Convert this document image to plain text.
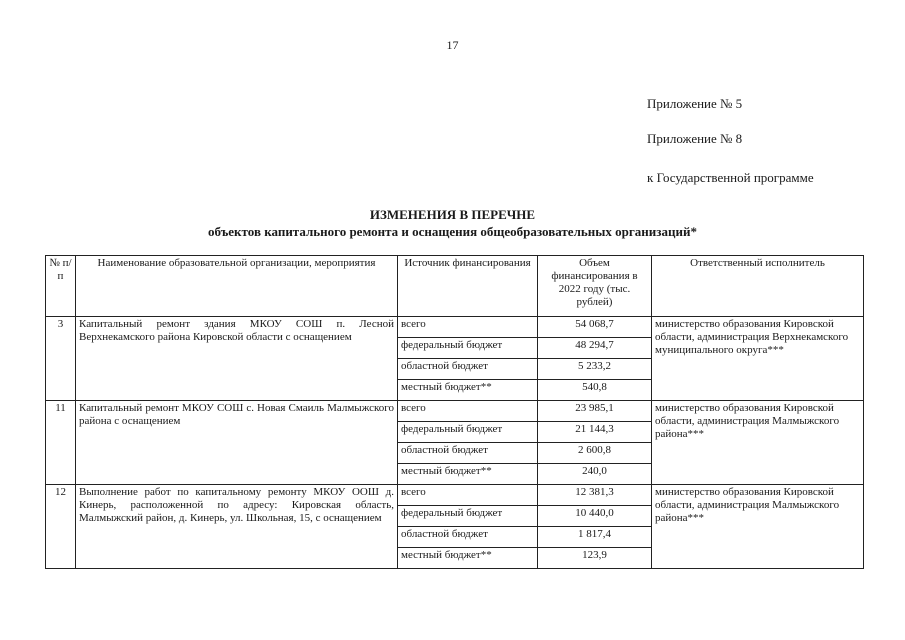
17
Приложение № 5
Приложение № 8
к Государственной программе
ИЗМЕНЕНИЯ В ПЕРЕЧНЕ
объектов капитального ремонта и оснащения общеобразовательных организаций*
№ п/п	Наименование образовательной организации, мероприятия	Источник финансирования	Объем финансирования в 2022 году (тыс. рублей)	Ответственный исполнитель
3	Капитальный ремонт здания МКОУ СОШ п. Лесной Верхнекамского района Кировской области с оснащением	всего	54 068,7	министерство образования Кировской области, администрация Верхнекамского муниципального округа***
		федеральный бюджет	48 294,7	
		областной бюджет	5 233,2	
		местный бюджет**	540,8	
11	Капитальный ремонт МКОУ СОШ с. Новая Смаиль Малмыжского района с оснащением	всего	23 985,1	министерство образования Кировской области, администрация Малмыжского района***
		федеральный бюджет	21 144,3	
		областной бюджет	2 600,8	
		местный бюджет**	240,0	
12	Выполнение работ по капитальному ремонту МКОУ ООШ д. Кинерь, расположенной по адресу: Кировская область, Малмыжский район, д. Кинерь, ул. Школьная, 15, с оснащением	всего	12 381,3	министерство образования Кировской области, администрация Малмыжского района***
		федеральный бюджет	10 440,0	
		областной бюджет	1 817,4	
		местный бюджет**	123,9	
